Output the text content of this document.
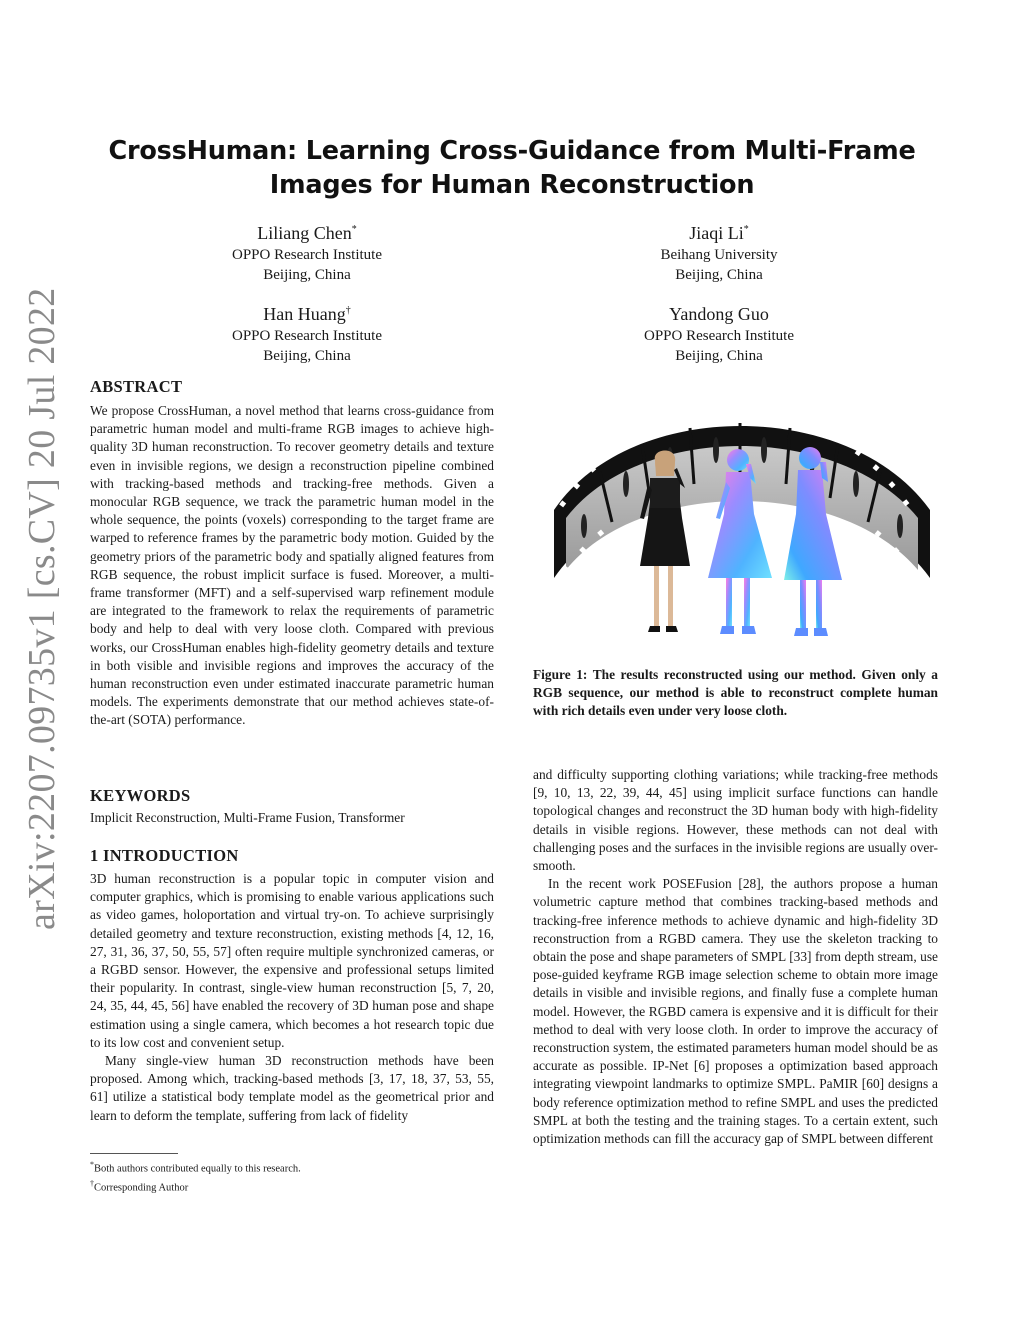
arXiv:2207.09735v1 [cs.CV] 20 Jul 2022
CrossHuman: Learning Cross-Guidance from Multi-Frame
Images for Human Reconstruction
Liliang Chen*
OPPO Research Institute
Beijing, China
Jiaqi Li*
Beihang University
Beijing, China
Han Huang†
OPPO Research Institute
Beijing, China
Yandong Guo
OPPO Research Institute
Beijing, China
ABSTRACT

We propose CrossHuman, a novel method that learns cross-guidance from parametric human model and multi-frame RGB images to achieve high-quality 3D human reconstruction. To recover geometry details and texture even in invisible regions, we design a reconstruction pipeline combined with tracking-based methods and tracking-free methods. Given a monocular RGB sequence, we track the parametric human model in the whole sequence, the points (voxels) corresponding to the target frame are warped to reference frames by the parametric body motion. Guided by the geometry priors of the parametric body and spatially aligned features from RGB sequence, the robust implicit surface is fused. Moreover, a multi-frame transformer (MFT) and a self-supervised warp refinement module are integrated to the framework to relax the requirements of parametric body and help to deal with very loose cloth. Compared with previous works, our CrossHuman enables high-fidelity geometry details and texture in both visible and invisible regions and improves the accuracy of the human reconstruction even under estimated inaccurate parametric human models. The experiments demonstrate that our method achieves state-of-the-art (SOTA) performance.

KEYWORDS

Implicit Reconstruction, Multi-Frame Fusion, Transformer

1 INTRODUCTION

3D human reconstruction is a popular topic in computer vision and computer graphics, which is promising to enable various applications such as video games, holoportation and virtual try-on. To achieve surprisingly detailed geometry and texture reconstruction, existing methods [4, 12, 16, 27, 31, 36, 37, 50, 55, 57] often require multiple synchronized cameras, or a RGBD sensor. However, the expensive and professional setups limited their popularity. In contrast, single-view human reconstruction [5, 7, 20, 24, 35, 44, 45, 56] have enabled the recovery of 3D human pose and shape estimation using a single camera, which becomes a hot research topic due to its low cost and convenient setup.

Many single-view human 3D reconstruction methods have been proposed. Among which, tracking-based methods [3, 17, 18, 37, 53, 55, 61] utilize a statistical body template model as the geometrical prior and learn to deform the template, suffering from lack of fidelity

*Both authors contributed equally to this research.
†Corresponding Author
Figure 1: The results reconstructed using our method. Given only a RGB sequence, our method is able to reconstruct complete human with rich details even under very loose cloth.

and difficulty supporting clothing variations; while tracking-free methods [9, 10, 13, 22, 39, 44, 45] using implicit surface functions can handle topological changes and reconstruct the 3D human body with high-fidelity details in visible regions. However, these methods can not deal with challenging poses and the surfaces in the invisible regions are usually over-smooth.

In the recent work POSEFusion [28], the authors propose a human volumetric capture method that combines tracking-based methods and tracking-free inference methods to achieve dynamic and high-fidelity 3D reconstruction from a RGBD camera. They use the skeleton tracking to obtain the pose and shape parameters of SMPL [33] from depth stream, use pose-guided keyframe RGB image selection scheme to obtain more image details in visible and invisible regions, and finally fuse a complete human model. However, the RGBD camera is expensive and it is difficult for their method to deal with very loose cloth. In order to improve the accuracy of reconstruction system, the estimated parameters human model should be as accurate as possible. IP-Net [6] proposes a optimization based approach integrating viewpoint landmarks to optimize SMPL. PaMIR [60] designs a body reference optimization method to refine SMPL and uses the predicted SMPL at both the testing and the training stages. To a certain extent, such optimization methods can fill the accuracy gap of SMPL between different
